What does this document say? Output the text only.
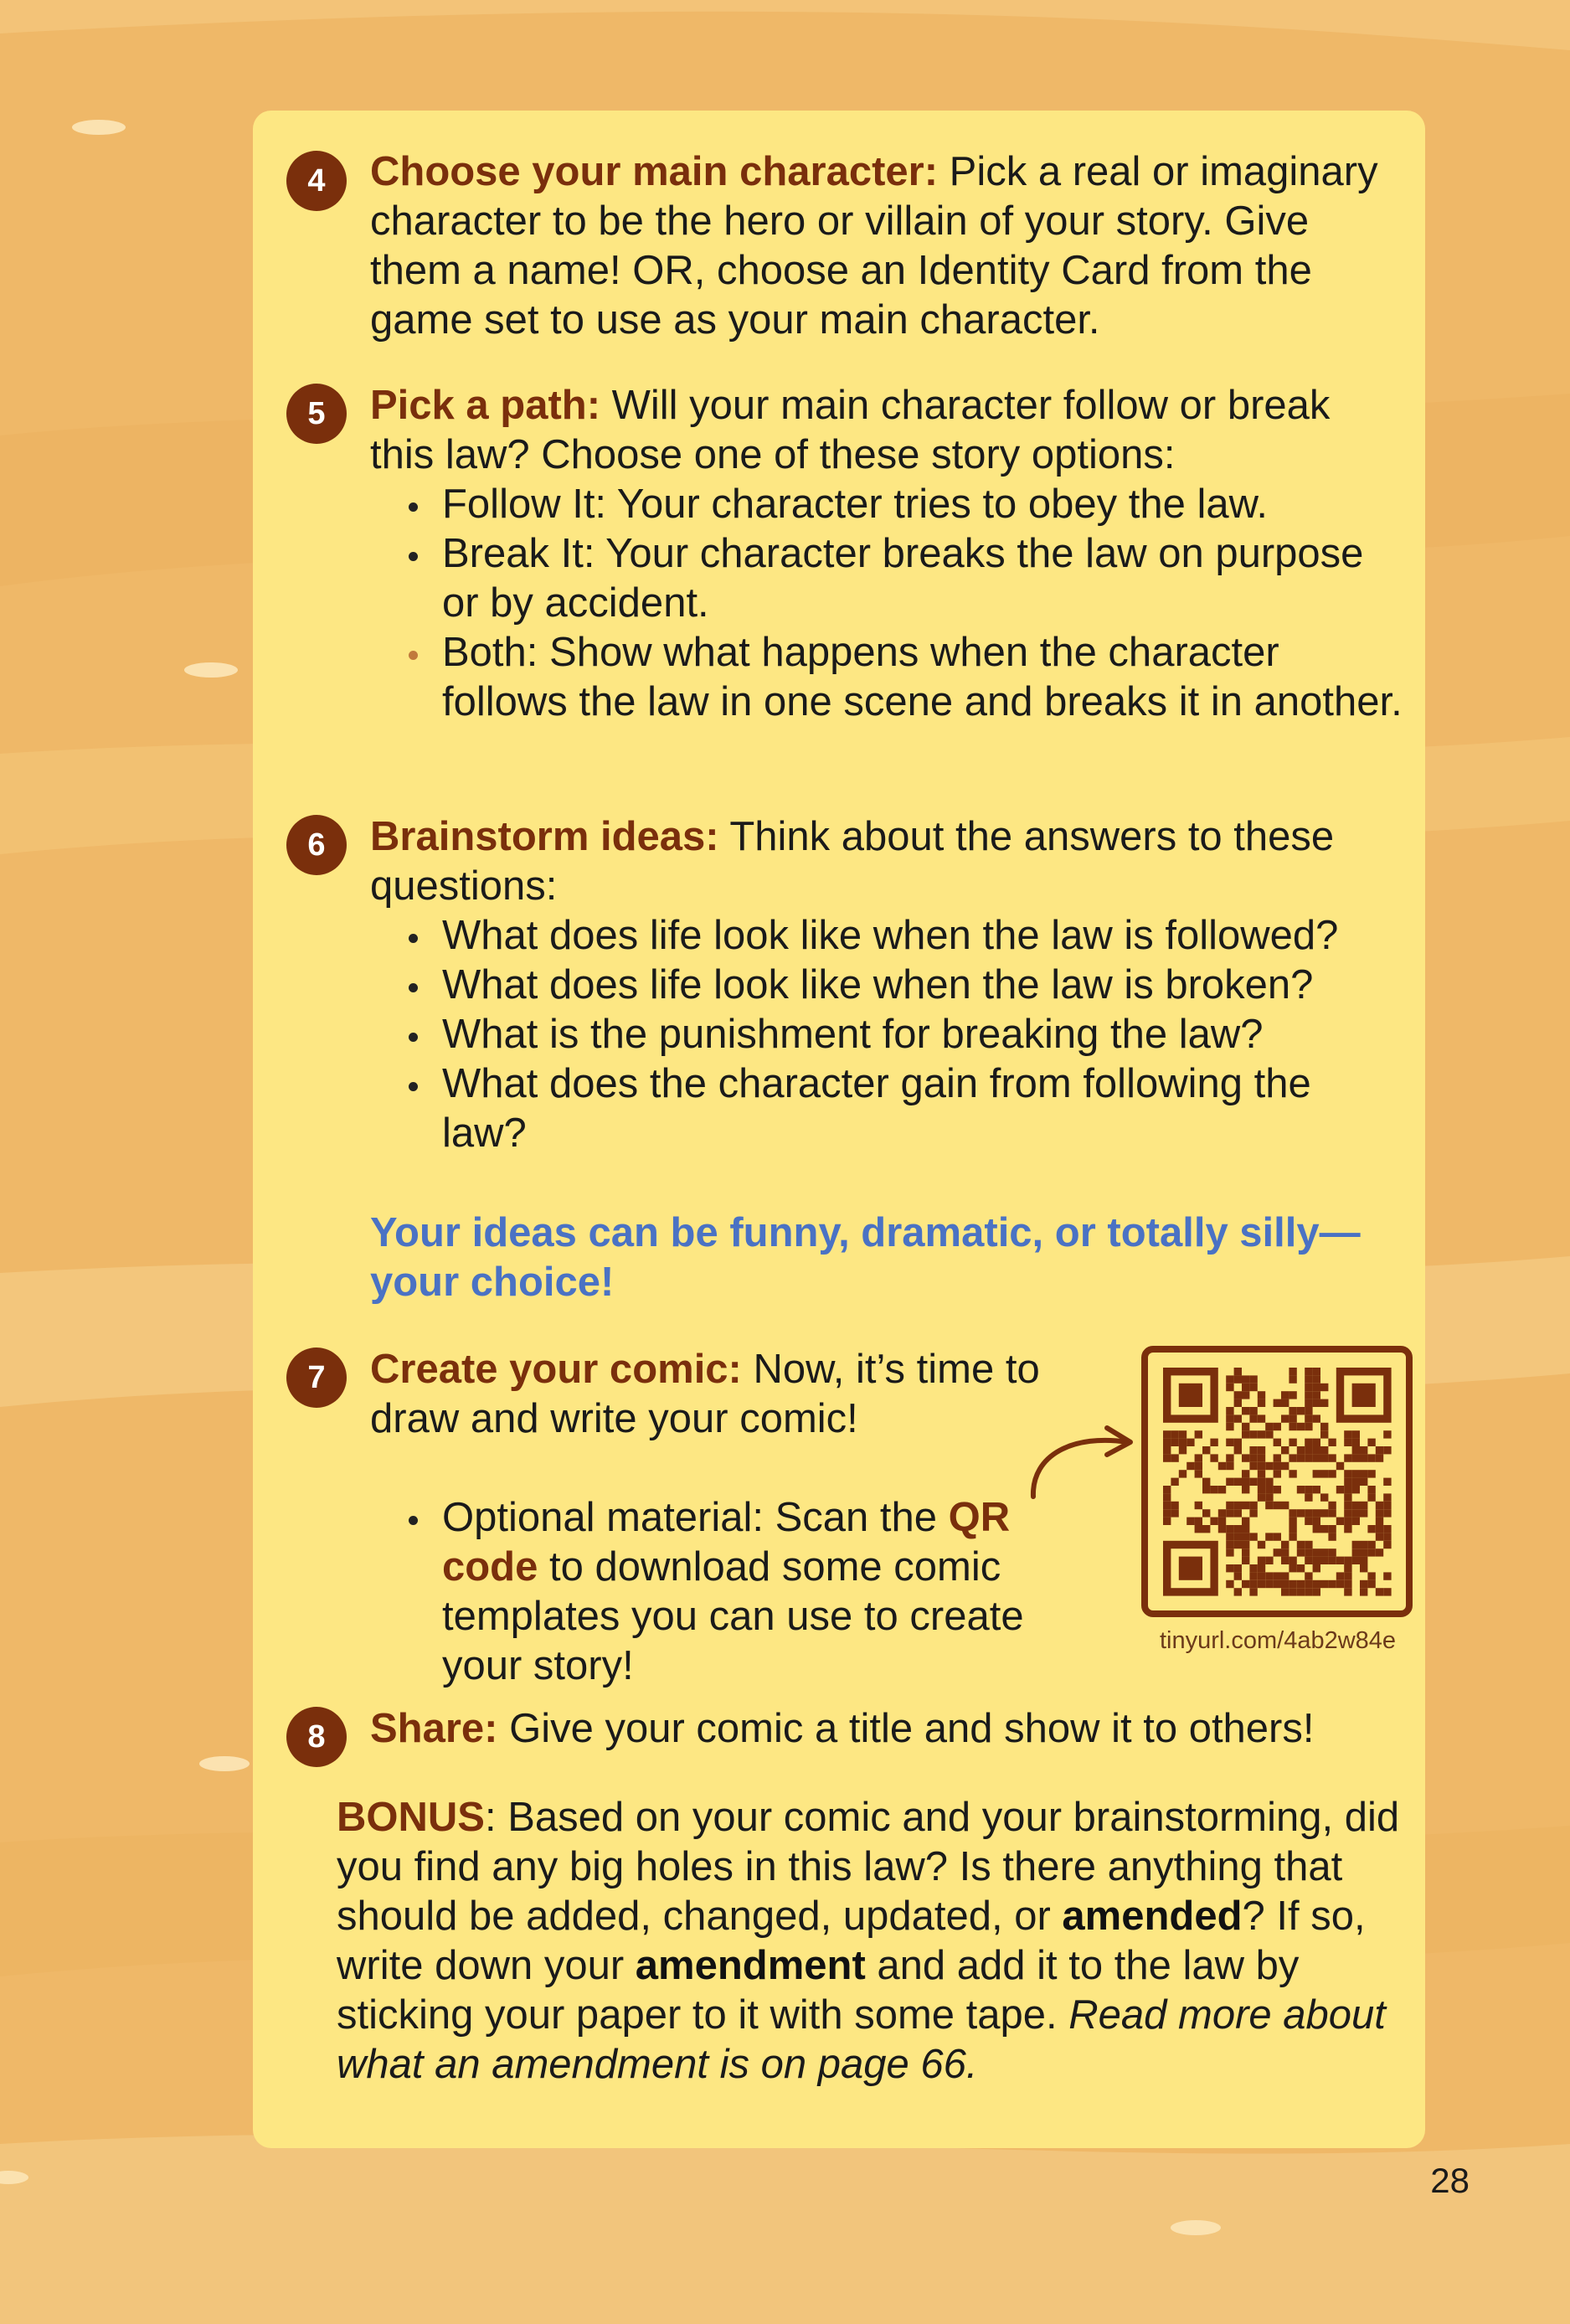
4	Choose your main character: Pick a real or imaginary character to be the hero or villain of your story. Give them a name! OR, choose an Identity Card from the game set to use as your main character.
5	Pick a path: Will your main character follow or break this law? Choose one of these story options:
Follow It: Your character tries to obey the law.
Break It: Your character breaks the law on purpose or by accident.
Both: Show what happens when the character follows the law in one scene and breaks it in another.
6	Brainstorm ideas: Think about the answers to these questions:
What does life look like when the law is followed?
What does life look like when the law is broken?
What is the punishment for breaking the law?
What does the character gain from following the law?
Your ideas can be funny, dramatic, or totally silly—your choice!
7	Create your comic: Now, it’s time to draw and write your comic!
Optional material: Scan the QR code to download some comic templates you can use to create your story!
tinyurl.com/4ab2w84e
8	Share: Give your comic a title and show it to others!
BONUS: Based on your comic and your brainstorming, did you find any big holes in this law? Is there anything that should be added, changed, updated, or amended? If so, write down your amendment and add it to the law by sticking your paper to it with some tape. Read more about what an amendment is on page 66.
28
